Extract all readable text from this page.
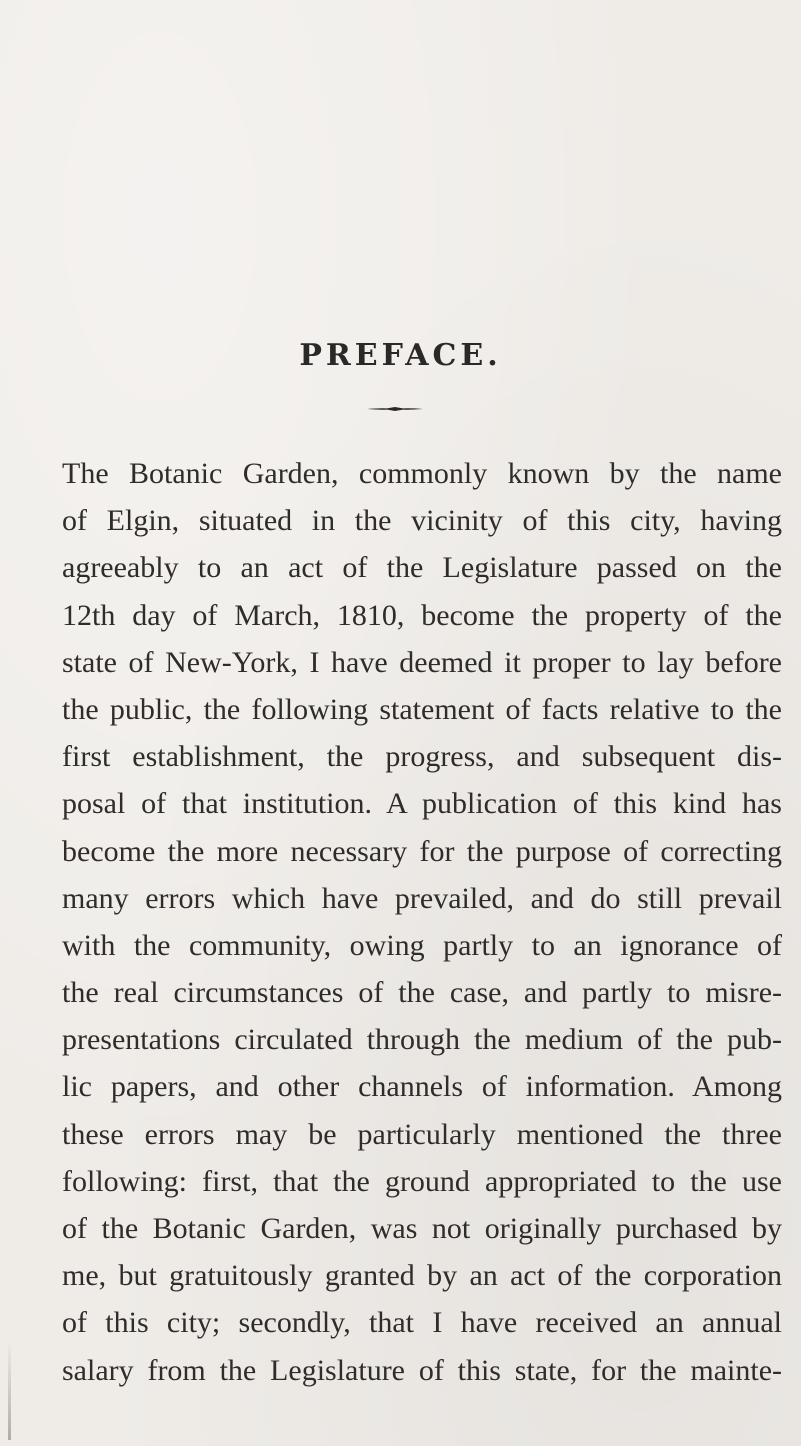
PREFACE.
The Botanic Garden, commonly known by the name
of Elgin, situated in the vicinity of this city, having
agreeably to an act of the Legislature passed on the
12th day of March, 1810, become the property of the
state of New-York, I have deemed it proper to lay before
the public, the following statement of facts relative to the
first establishment, the progress, and subsequent dis-
posal of that institution. A publication of this kind has
become the more necessary for the purpose of correcting
many errors which have prevailed, and do still prevail
with the community, owing partly to an ignorance of
the real circumstances of the case, and partly to misre-
presentations circulated through the medium of the pub-
lic papers, and other channels of information. Among
these errors may be particularly mentioned the three
following: first, that the ground appropriated to the use
of the Botanic Garden, was not originally purchased by
me, but gratuitously granted by an act of the corporation
of this city; secondly, that I have received an annual
salary from the Legislature of this state, for the mainte-
